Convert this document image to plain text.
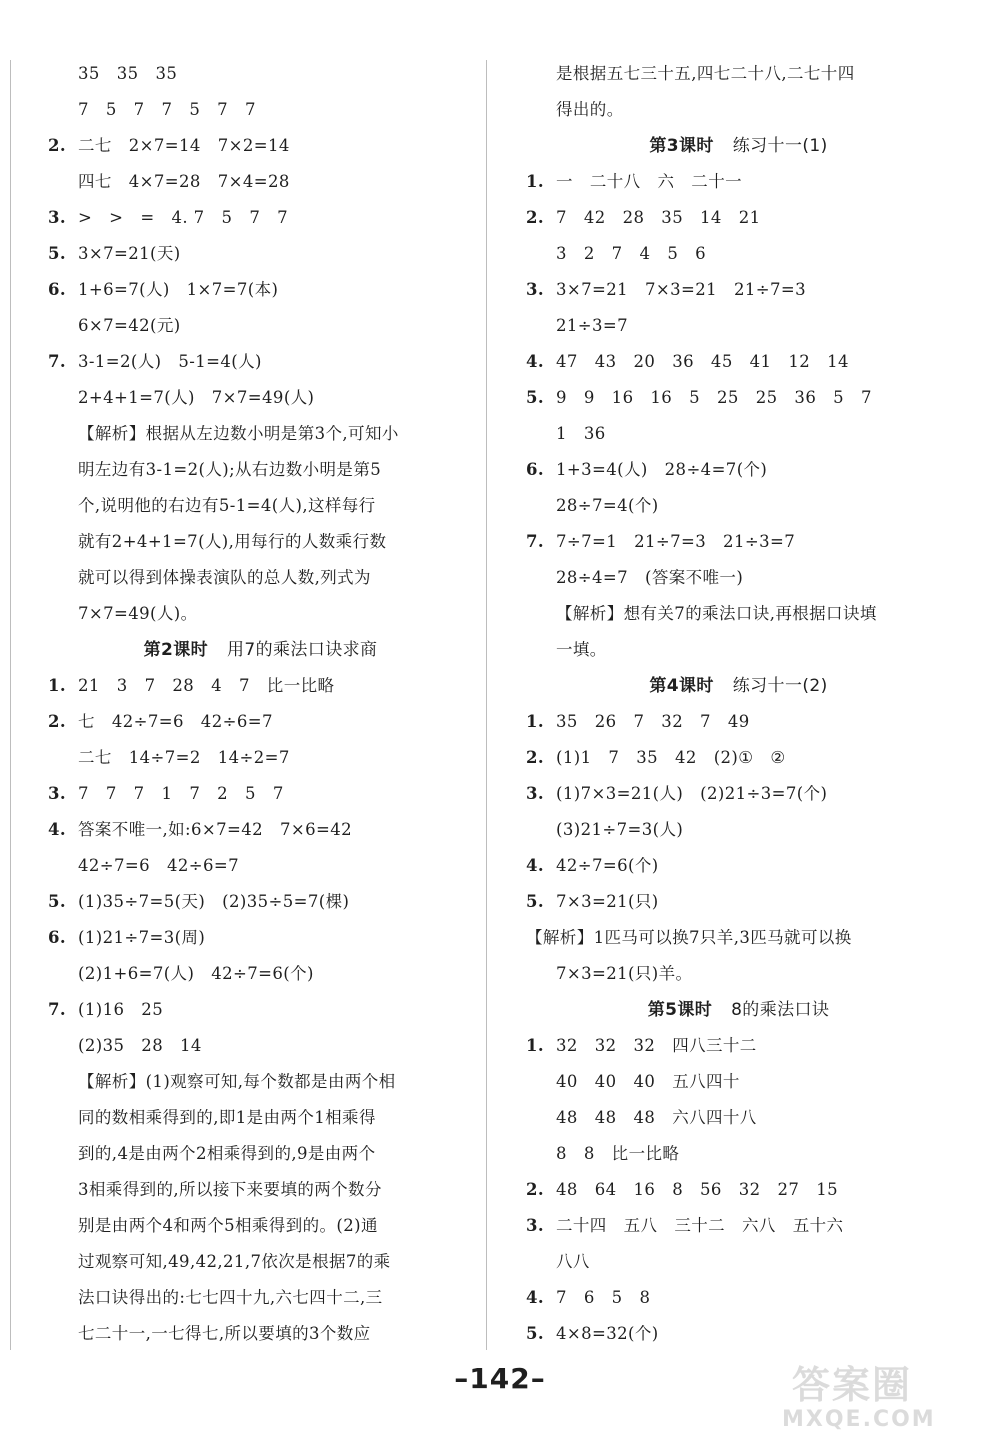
35   35   35
7   5   7   7   5   7   7
2. 二七   2×7=14   7×2=14
四七   4×7=28   7×4=28
3. >   >   =   4. 7   5   7   7
5. 3×7=21(天)
6. 1+6=7(人)   1×7=7(本)
6×7=42(元)
7. 3-1=2(人)   5-1=4(人)
2+4+1=7(人)   7×7=49(人)
【解析】根据从左边数小明是第3个,可知小
明左边有3-1=2(人);从右边数小明是第5
个,说明他的右边有5-1=4(人),这样每行
就有2+4+1=7(人),用每行的人数乘行数
就可以得到体操表演队的总人数,列式为
7×7=49(人)。
第2课时 用7的乘法口诀求商
1. 21   3   7   28   4   7   比一比略
2. 七   42÷7=6   42÷6=7
二七   14÷7=2   14÷2=7
3. 7   7   7   1   7   2   5   7
4. 答案不唯一,如:6×7=42   7×6=42
42÷7=6   42÷6=7
5. (1)35÷7=5(天)   (2)35÷5=7(棵)
6. (1)21÷7=3(周)
(2)1+6=7(人)   42÷7=6(个)
7. (1)16   25
(2)35   28   14
【解析】(1)观察可知,每个数都是由两个相
同的数相乘得到的,即1是由两个1相乘得
到的,4是由两个2相乘得到的,9是由两个
3相乘得到的,所以接下来要填的两个数分
别是由两个4和两个5相乘得到的。(2)通
过观察可知,49,42,21,7依次是根据7的乘
法口诀得出的:七七四十九,六七四十二,三
七二十一,一七得七,所以要填的3个数应
是根据五七三十五,四七二十八,二七十四
得出的。
第3课时 练习十一(1)
1. 一   二十八   六   二十一
2. 7   42   28   35   14   21
3   2   7   4   5   6
3. 3×7=21   7×3=21   21÷7=3
21÷3=7
4. 47   43   20   36   45   41   12   14
5. 9   9   16   16   5   25   25   36   5   7
1   36
6. 1+3=4(人)   28÷4=7(个)
28÷7=4(个)
7. 7÷7=1   21÷7=3   21÷3=7
28÷4=7   (答案不唯一)
【解析】想有关7的乘法口诀,再根据口诀填
一填。
第4课时 练习十一(2)
1. 35   26   7   32   7   49
2. (1)1   7   35   42   (2)①   ②
3. (1)7×3=21(人)   (2)21÷3=7(个)
(3)21÷7=3(人)
4. 42÷7=6(个)
5. 7×3=21(只)
【解析】1匹马可以换7只羊,3匹马就可以换
7×3=21(只)羊。
第5课时 8的乘法口诀
1. 32   32   32   四八三十二
40   40   40   五八四十
48   48   48   六八四十八
8   8   比一比略
2. 48   64   16   8   56   32   27   15
3. 二十四   五八   三十二   六八   五十六
八八
4. 7   6   5   8
5. 4×8=32(个)
–142–	答案圈
MXQE.COM
